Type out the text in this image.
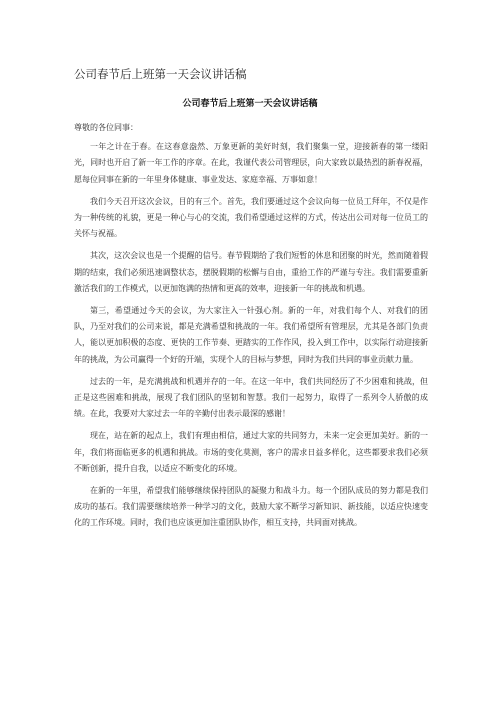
公司春节后上班第一天会议讲话稿
公司春节后上班第一天会议讲话稿

尊敬的各位同事：

一年之计在于春。在这春意盎然、万象更新的美好时刻，我们聚集一堂，迎接新春的第一缕阳光，同时也开启了新一年工作的序章。在此，我谨代表公司管理层，向大家致以最热烈的新春祝福，愿每位同事在新的一年里身体健康、事业发达、家庭幸福、万事如意！

我们今天召开这次会议，目的有三个。首先，我们要通过这个会议向每一位员工拜年，不仅是作为一种传统的礼貌，更是一种心与心的交流，我们希望通过这样的方式，传达出公司对每一位员工的关怀与祝福。

其次，这次会议也是一个提醒的信号。春节假期给了我们短暂的休息和团聚的时光，然而随着假期的结束，我们必须迅速调整状态，摆脱假期的松懈与自由，重拾工作的严谨与专注。我们需要重新激活我们的工作模式，以更加饱满的热情和更高的效率，迎接新一年的挑战和机遇。

第三，希望通过今天的会议，为大家注入一针强心剂。新的一年，对我们每个人、对我们的团队，乃至对我们的公司来说，都是充满希望和挑战的一年。我们希望所有管理层，尤其是各部门负责人，能以更加积极的态度、更快的工作节奏、更踏实的工作作风，投入到工作中，以实际行动迎接新年的挑战，为公司赢得一个好的开端，实现个人的目标与梦想，同时为我们共同的事业贡献力量。

过去的一年，是充满挑战和机遇并存的一年。在这一年中，我们共同经历了不少困难和挑战，但正是这些困难和挑战，展现了我们团队的坚韧和智慧。我们一起努力，取得了一系列令人骄傲的成绩。在此，我要对大家过去一年的辛勤付出表示最深的感谢！

现在，站在新的起点上，我们有理由相信，通过大家的共同努力，未来一定会更加美好。新的一年，我们将面临更多的机遇和挑战。市场的变化莫测，客户的需求日益多样化，这些都要求我们必须不断创新，提升自我，以适应不断变化的环境。

在新的一年里，希望我们能够继续保持团队的凝聚力和战斗力。每一个团队成员的努力都是我们成功的基石。我们需要继续培养一种学习的文化，鼓励大家不断学习新知识、新技能，以适应快速变化的工作环境。同时，我们也应该更加注重团队协作，相互支持，共同面对挑战。
